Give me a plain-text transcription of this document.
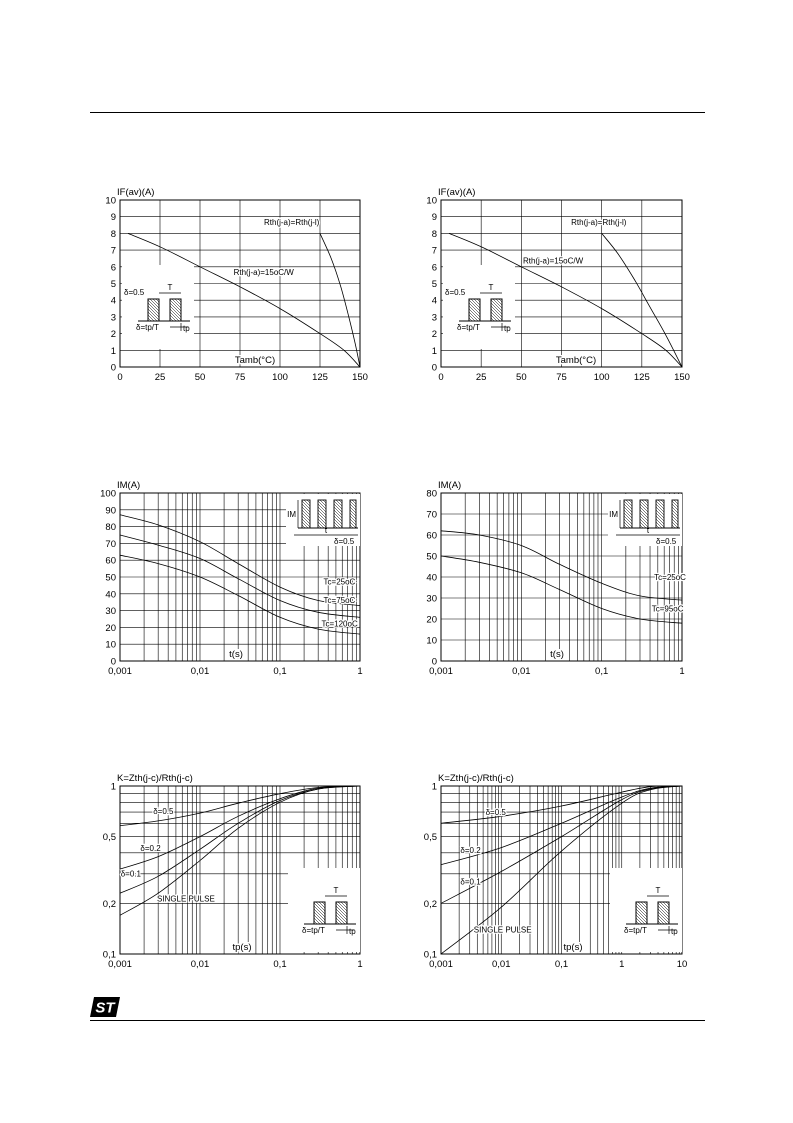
0	25	50	75	100	125	150
0
1
2
3
4
5
6
7
8
9
10
IF(av)(A)
Rth(j-a)=Rth(j-l)
Rth(j-a)=15oC/W
T
δ=0.5
δ=tp/T	tp
Tamb(°C)
0	25	50	75	100	125	150
0
1
2
3
4
5
6
7
8
9
10
IF(av)(A)
Rth(j-a)=Rth(j-l)
Rth(j-a)=15oC/W
T
δ=0.5
δ=tp/T	tp
Tamb(°C)
0,001	0,01	0,1	1
0
10
20
30
40
50
60
70
80
90
100
IM(A)
Tc=25oC
Tc=75oC
Tc=120oC
IM
t
δ=0.5
t(s)
0,001	0,01	0,1	1
0
10
20
30
40
50
60
70
80
IM(A)
Tc=25oC
Tc=95oC
IM
t
δ=0.5
t(s)
0,001	0,01	0,1	1
0,1
0,2
0,5
1
K=Zth(j-c)/Rth(j-c)
δ=0.5
δ=0.2
δ=0.1
SINGLE PULSE
T
δ=tp/T	tp
tp(s)
0,001	0,01	0,1	1	10
0,1
0,2
0,5
1
K=Zth(j-c)/Rth(j-c)
δ=0.5
δ=0.2
δ=0.1
SINGLE PULSE
T
δ=tp/T	tp
tp(s)
ST
